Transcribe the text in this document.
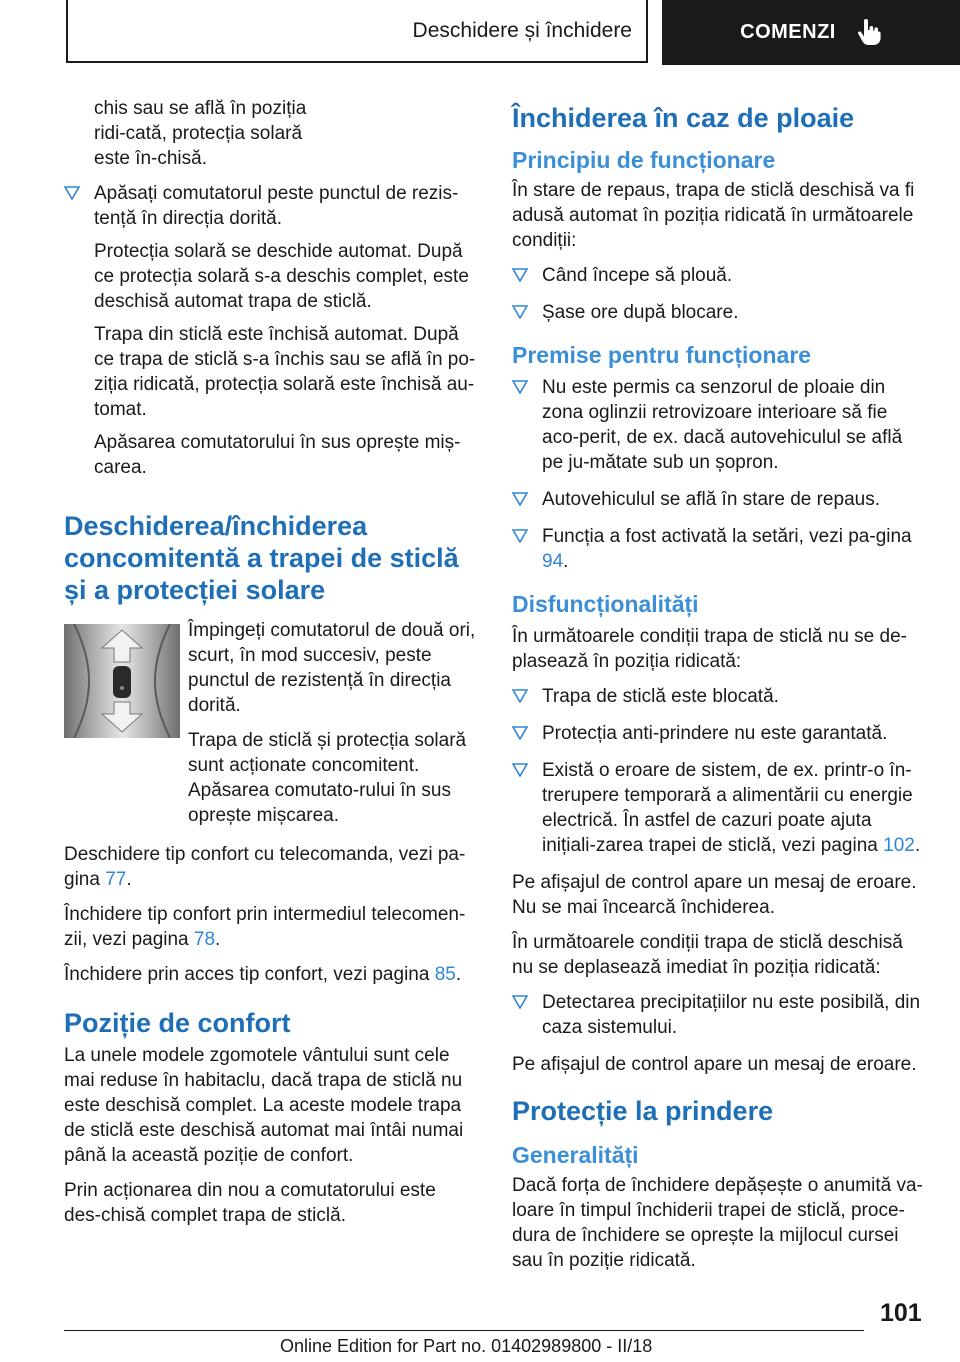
Deschidere și închidere	COMENZI

chis sau se află în poziția ridi-cată, protecția solară este în-chisă.

Apăsați comutatorul peste punctul de rezis-tență în direcția dorită.
Protecția solară se deschide automat. După ce protecția solară s-a deschis complet, este deschisă automat trapa de sticlă.
Trapa din sticlă este închisă automat. După ce trapa de sticlă s-a închis sau se află în po-ziția ridicată, protecția solară este închisă au-tomat.
Apăsarea comutatorului în sus oprește miș-carea.
Deschiderea/închiderea concomitentă a trapei de sticlă și a protecției solare

Împingeți comutatorul de două ori, scurt, în mod succesiv, peste punctul de rezistență în direcția dorită.

Trapa de sticlă și protecția solară sunt acționate concomitent. Apăsarea comutato-rului în sus oprește mișcarea.

Deschidere tip confort cu telecomanda, vezi pa-gina 77.

Închidere tip confort prin intermediul telecomen-zii, vezi pagina 78.

Închidere prin acces tip confort, vezi pagina 85.

Poziție de confort

La unele modele zgomotele vântului sunt cele mai reduse în habitaclu, dacă trapa de sticlă nu este deschisă complet. La aceste modele trapa de sticlă este deschisă automat mai întâi numai până la această poziție de confort.

Prin acționarea din nou a comutatorului este des-chisă complet trapa de sticlă.

Închiderea în caz de ploaie
Principiu de funcționare

În stare de repaus, trapa de sticlă deschisă va fi adusă automat în poziția ridicată în următoarele condiții:

Când începe să plouă.
Șase ore după blocare.
Premise pentru funcționare
Nu este permis ca senzorul de ploaie din zona oglinzii retrovizoare interioare să fie aco-perit, de ex. dacă autovehiculul se află pe ju-mătate sub un șopron.
Autovehiculul se află în stare de repaus.
Funcția a fost activată la setări, vezi pa-gina 94.
Disfuncționalități

În următoarele condiții trapa de sticlă nu se de-plasează în poziția ridicată:

Trapa de sticlă este blocată.
Protecția anti-prindere nu este garantată.
Există o eroare de sistem, de ex. printr-o în-trerupere temporară a alimentării cu energie electrică. În astfel de cazuri poate ajuta inițiali-zarea trapei de sticlă, vezi pagina 102.

Pe afișajul de control apare un mesaj de eroare. Nu se mai încearcă închiderea.

În următoarele condiții trapa de sticlă deschisă nu se deplasează imediat în poziția ridicată:

Detectarea precipitațiilor nu este posibilă, din caza sistemului.

Pe afișajul de control apare un mesaj de eroare.

Protecție la prindere
Generalități

Dacă forța de închidere depășește o anumită va-loare în timpul închiderii trapei de sticlă, proce-dura de închidere se oprește la mijlocul cursei sau în poziție ridicată.

101
Online Edition for Part no. 01402989800 - II/18
